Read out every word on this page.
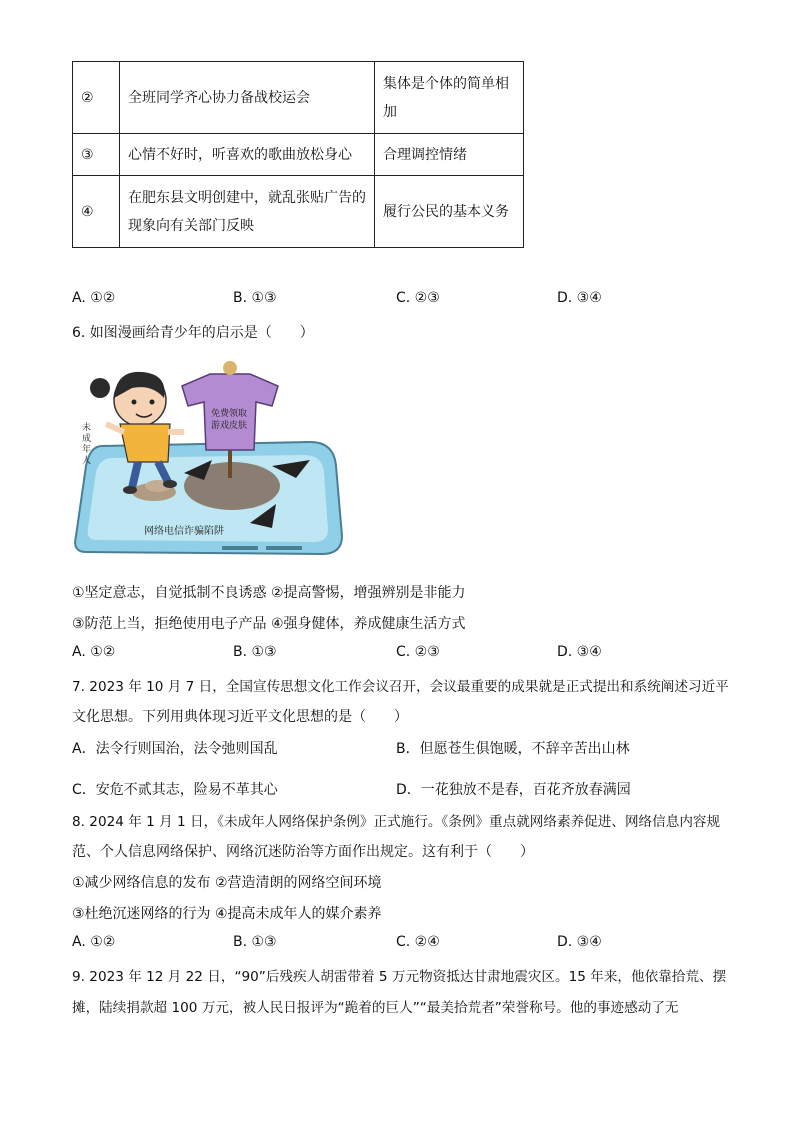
②	全班同学齐心协力备战校运会	集体是个体的简单相加
③	心情不好时，听喜欢的歌曲放松身心	合理调控情绪
④	在肥东县文明创建中，就乱张贴广告的现象向有关部门反映	履行公民的基本义务
A. ①②	B. ①③	C. ②③	D. ③④
6. 如图漫画给青少年的启示是（　　）
免费领取
游戏皮肤
未
成
年
人
网络电信诈骗陷阱
①坚定意志，自觉抵制不良诱惑 ②提高警惕，增强辨别是非能力
③防范上当，拒绝使用电子产品 ④强身健体，养成健康生活方式
A. ①②	B. ①③	C. ②③	D. ③④
7. 2023 年 10 月 7 日，全国宣传思想文化工作会议召开，会议最重要的成果就是正式提出和系统阐述习近平
文化思想。下列用典体现习近平文化思想的是（　　）
A．法令行则国治，法令弛则国乱	B．但愿苍生俱饱暖，不辞辛苦出山林
C．安危不贰其志，险易不革其心	D．一花独放不是春，百花齐放春满园
8. 2024 年 1 月 1 日，《未成年人网络保护条例》正式施行。《条例》重点就网络素养促进、网络信息内容规
范、个人信息网络保护、网络沉迷防治等方面作出规定。这有利于（　　）
①减少网络信息的发布 ②营造清朗的网络空间环境
③杜绝沉迷网络的行为 ④提高未成年人的媒介素养
A. ①②	B. ①③	C. ②④	D. ③④
9. 2023 年 12 月 22 日，“90”后残疾人胡雷带着 5 万元物资抵达甘肃地震灾区。15 年来，他依靠拾荒、摆
摊，陆续捐款超 100 万元，被人民日报评为“跪着的巨人”“最美拾荒者”荣誉称号。他的事迹感动了无
